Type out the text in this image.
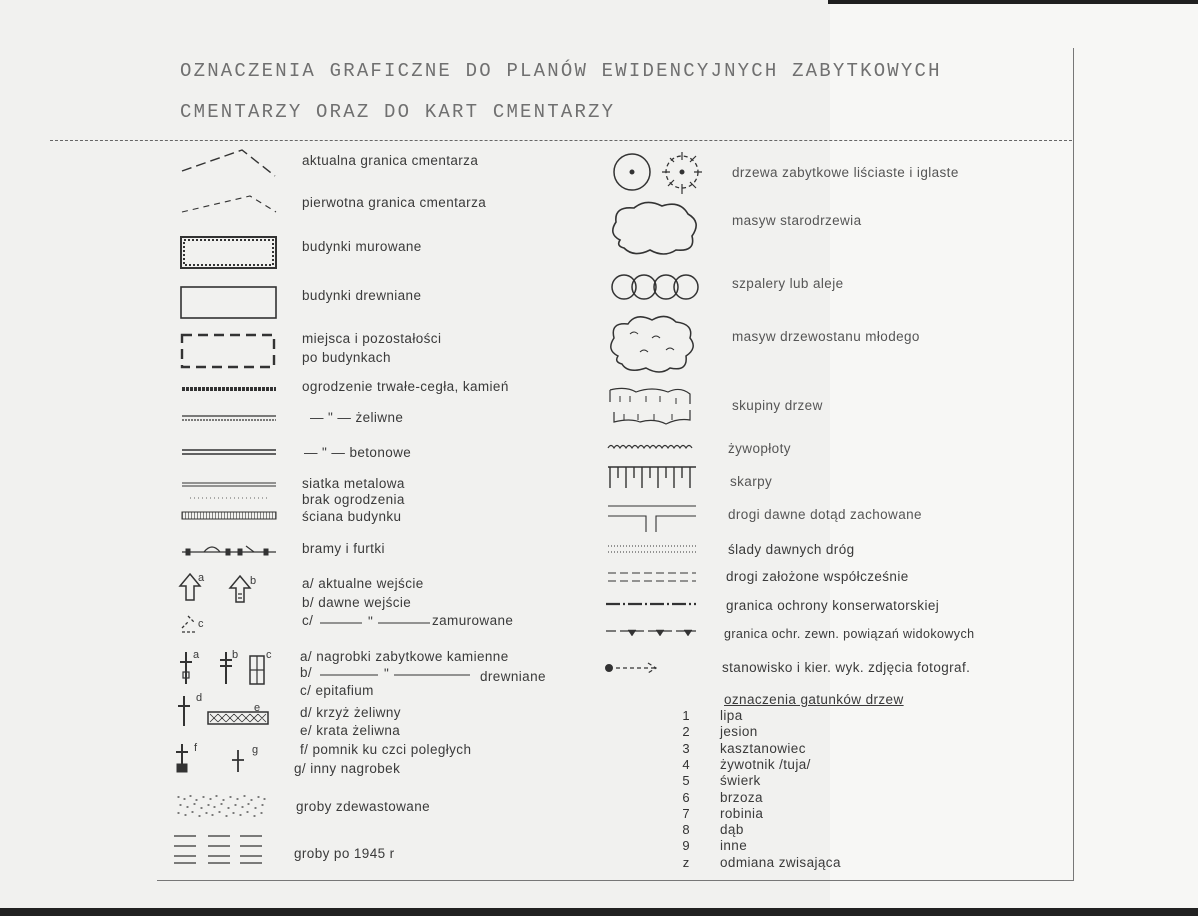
OZNACZENIA GRAFICZNE DO PLANÓW EWIDENCYJNYCH ZABYTKOWYCH
CMENTARZY ORAZ DO KART CMENTARZY
aktualna granica cmentarza
pierwotna granica cmentarza
budynki murowane
budynki drewniane
miejsca i pozostałości
po budynkach
ogrodzenie trwałe-cegła, kamień
— " — żeliwne
— " — betonowe
siatka metalowa
brak ogrodzenia
ściana budynku
bramy i furtki
a	b
c
a/ aktualne wejście
b/ dawne wejście
c/	"	zamurowane
a	b c a/ nagrobki zabytkowe kamienne
b/	"	drewniane
c/ epitafium
d
e	d/ krzyż żeliwny
e/ krata żeliwna
f	g	f/ pomnik ku czci poległych
g/ inny nagrobek
groby zdewastowane
groby po 1945 r
drzewa zabytkowe liściaste i iglaste
masyw starodrzewia
szpalery lub aleje
masyw drzewostanu młodego
skupiny drzew
żywopłoty
skarpy
drogi dawne dotąd zachowane
ślady dawnych dróg
drogi założone współcześnie
granica ochrony konserwatorskiej
granica ochr. zewn. powiązań widokowych
stanowisko i kier. wyk. zdjęcia fotograf.
oznaczenia gatunków drzew
1	lipa
2	jesion
3	kasztanowiec
4	żywotnik /tuja/
5	świerk
6	brzoza
7	robinia
8	dąb
9	inne
z	odmiana zwisająca
